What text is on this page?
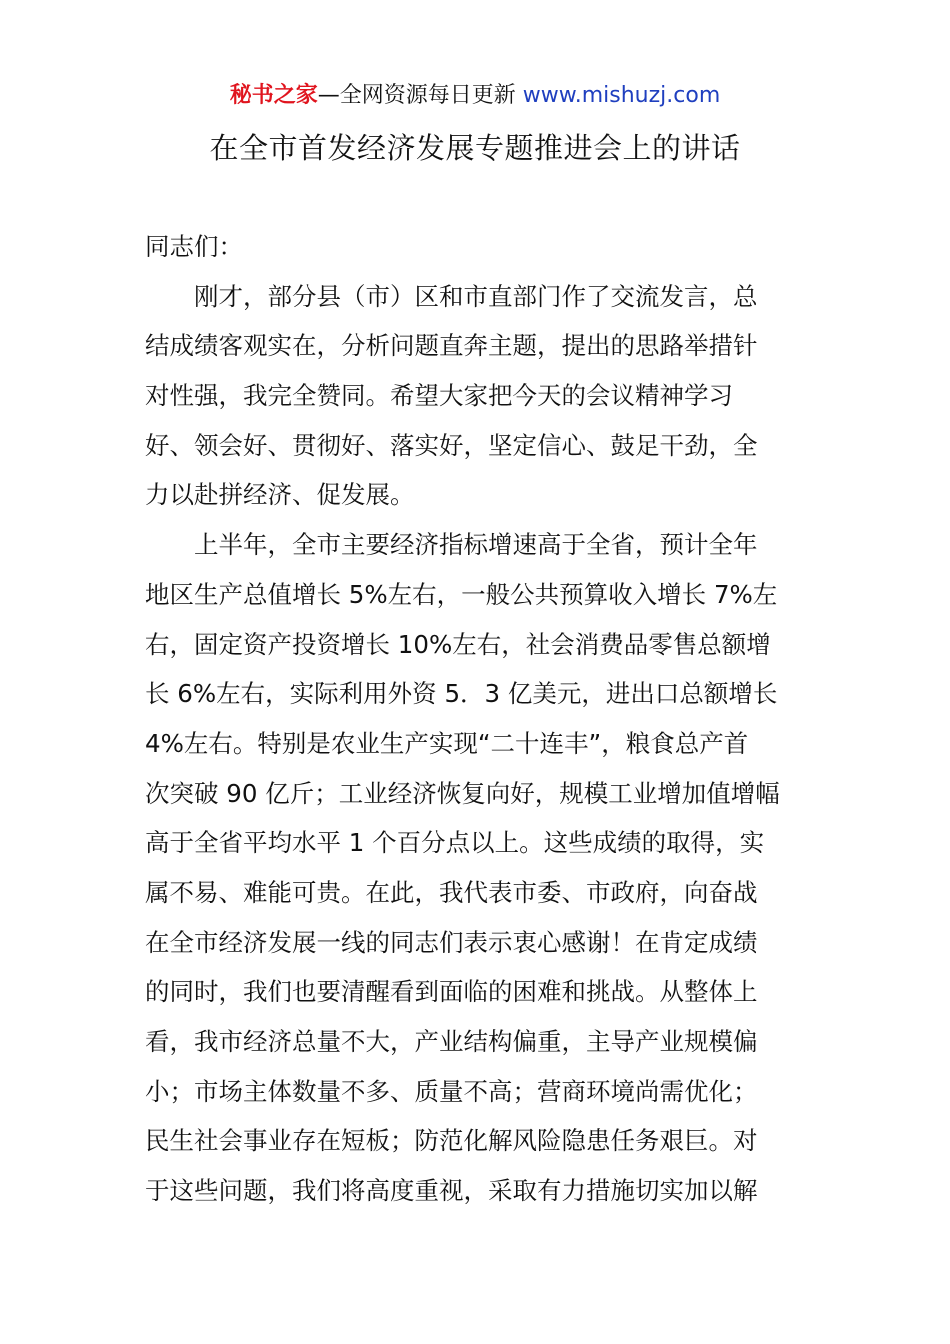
秘书之家—全网资源每日更新 www.mishuzj.com
在全市首发经济发展专题推进会上的讲话
同志们：
刚才，部分县（市）区和市直部门作了交流发言，总
结成绩客观实在，分析问题直奔主题，提出的思路举措针
对性强，我完全赞同。希望大家把今天的会议精神学习
好、领会好、贯彻好、落实好，坚定信心、鼓足干劲，全
力以赴拼经济、促发展。
上半年，全市主要经济指标增速高于全省，预计全年
地区生产总值增长 5%左右，一般公共预算收入增长 7%左
右，固定资产投资增长 10%左右，社会消费品零售总额增
长 6%左右，实际利用外资 5．3 亿美元，进出口总额增长
4%左右。特别是农业生产实现“二十连丰”，粮食总产首
次突破 90 亿斤；工业经济恢复向好，规模工业增加值增幅
高于全省平均水平 1 个百分点以上。这些成绩的取得，实
属不易、难能可贵。在此，我代表市委、市政府，向奋战
在全市经济发展一线的同志们表示衷心感谢！在肯定成绩
的同时，我们也要清醒看到面临的困难和挑战。从整体上
看，我市经济总量不大，产业结构偏重，主导产业规模偏
小；市场主体数量不多、质量不高；营商环境尚需优化；
民生社会事业存在短板；防范化解风险隐患任务艰巨。对
于这些问题，我们将高度重视，采取有力措施切实加以解
